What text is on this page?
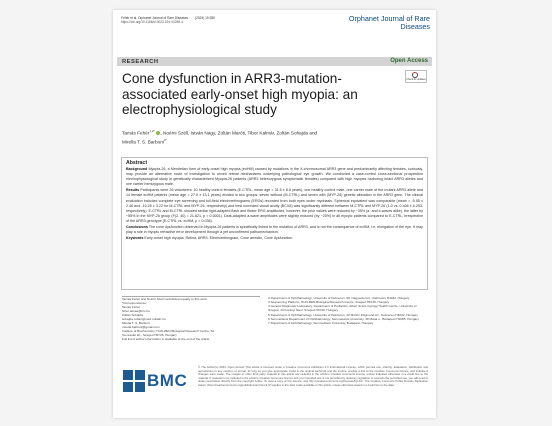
Fehér et al. Orphanet Journal of Rare Diseases        (2024) 19:285
https://doi.org/10.1186/s13023-024-03289-4	Orphanet Journal of Rare Diseases
RESEARCH	Open Access
Cone dysfunction in ARR3-mutation-associated early-onset high myopia: an electrophysiological study
Check for updates
Tamás Fehér$^{1,2*}$ , Noémi Széll, István Nagy, Zoltán Maróti, Tibor Kalmár, Zoltán Sohajda and
Mirella T. S. Barboni$^{3*}$
Abstract

Background Myopia-26, a Mendelian form of early-onset high myopia (eoHM) caused by mutations in the X-chromosomal ARR3 gene and predominantly affecting females, curiously, may provide an alternative route of investigation to unveil retinal mechanisms underlying pathological eye growth. We conducted a case-control cross-sectional prospective electrophysiological study in genetically characterized Myopia-26 patients (ARR3 heterozygous symptomatic females) compared with high myopes harboring intact ARR3 alleles and one carrier hemizygous male.

Results Participants were 26 volunteers: 10 healthy control females (E-CTRL, mean age = 31.5 ± 8.8 years), one healthy control male, one carrier male of the mutant ARR3 allele and 14 female eoHM patients (mean age = 27.0 ± 13.1 years) divided in two groups: seven without (M-CTRL) and seven with (MYP-26) genetic alteration in the ARR3 gene. The clinical evaluation included complete eye screening and full-field electroretinograms (ERGs) recorded from both eyes under mydriasis. Spherical equivalent was comparable (mean = -9.55 ± 2.46 and -10.25 ± 3.22 for M-CTRL and MYP-26, respectively) and best corrected visual acuity (BCVA) was significantly different between M-CTRL and MYP-26 (1.0 vs. 0.406 ± 0.253, respectively). E-CTRL and M-CTRL showed similar light-adapted flash and flicker ERG amplitudes, however, the prior values were reduced by ~35% (a- and b-waves alike), the latter by ~55% in the MYP-26 group (F(2, 40) = 21.821, p < 0.0001). Dark-adapted a-wave amplitudes were slightly reduced (by ~20%) in all myopic patients compared to E-CTRL, irrespective of the ARR3 genotype (E-CTRL vs. eoHM, p = 0.038).

Conclusions The cone dysfunction observed in Myopia-26 patients is specifically linked to the mutation of ARR3, and is not the consequence of eoHM, i.e. elongation of the eye. It may play a role in myopic refractive error development through a yet unconfirmed pathomechanism.

Keywords Early-onset high myopia, Retina, ARR3, Electroretinogram, Cone arrestin, Cone dysfunction

Tamás Fehér and Noémi Széll contributed equally to this work.
*Correspondence:
Tamás Fehér
feher.tamas@brc.hu
Zoltán Sohajda
sohajda.zoltan@med.unideb.hu
Mirella T. S. Barboni
mirella.barboni@gmail.com
Institute of Biochemistry, HUN-REN Biological Research Centre, 62
Temesvári krt., Szeged H6726, Hungary
Full list of author information is available at the end of the article
2 Department of Ophthalmology, University of Debrecen, 98. Nagyerdei krt., Debrecen H4032, Hungary
3 Sequencing Platform, HUN-REN Biological Research Centre, Szeged H6726, Hungary
4 Genetic Diagnostic Laboratory, Department of Pediatrics, Albert Szent-Györgyi Health Centre, University of Szeged, 14 Korányi fasor, Szeged H6720, Hungary
5 Department of Ophthalmology, University of Debrecen, 22 Móricz Zsigmond krt., Debrecen H4032, Hungary
6 Semmelweis Department of Ophthalmology, Semmelweis University, 39 Mária u., Budapest H1085, Hungary
7 Department of Ophthalmology, Semmelweis University, Budapest, Hungary
BMC
© The Author(s) 2024. Open Access This article is licensed under a Creative Commons Attribution 4.0 International License, which permits use, sharing, adaptation, distribution and reproduction in any medium or format, as long as you give appropriate credit to the original author(s) and the source, provide a link to the Creative Commons licence, and indicate if changes were made. The images or other third party material in this article are included in the article's Creative Commons licence, unless indicated otherwise in a credit line to the material. If material is not included in the article's Creative Commons licence and your intended use is not permitted by statutory regulation or exceeds the permitted use, you will need to obtain permission directly from the copyright holder. To view a copy of this licence, visit http://creativecommons.org/licenses/by/4.0/. The Creative Commons Public Domain Dedication waiver (http://creativecommons.org/publicdomain/zero/1.0/) applies to the data made available in this article, unless otherwise stated in a credit line to the data.
